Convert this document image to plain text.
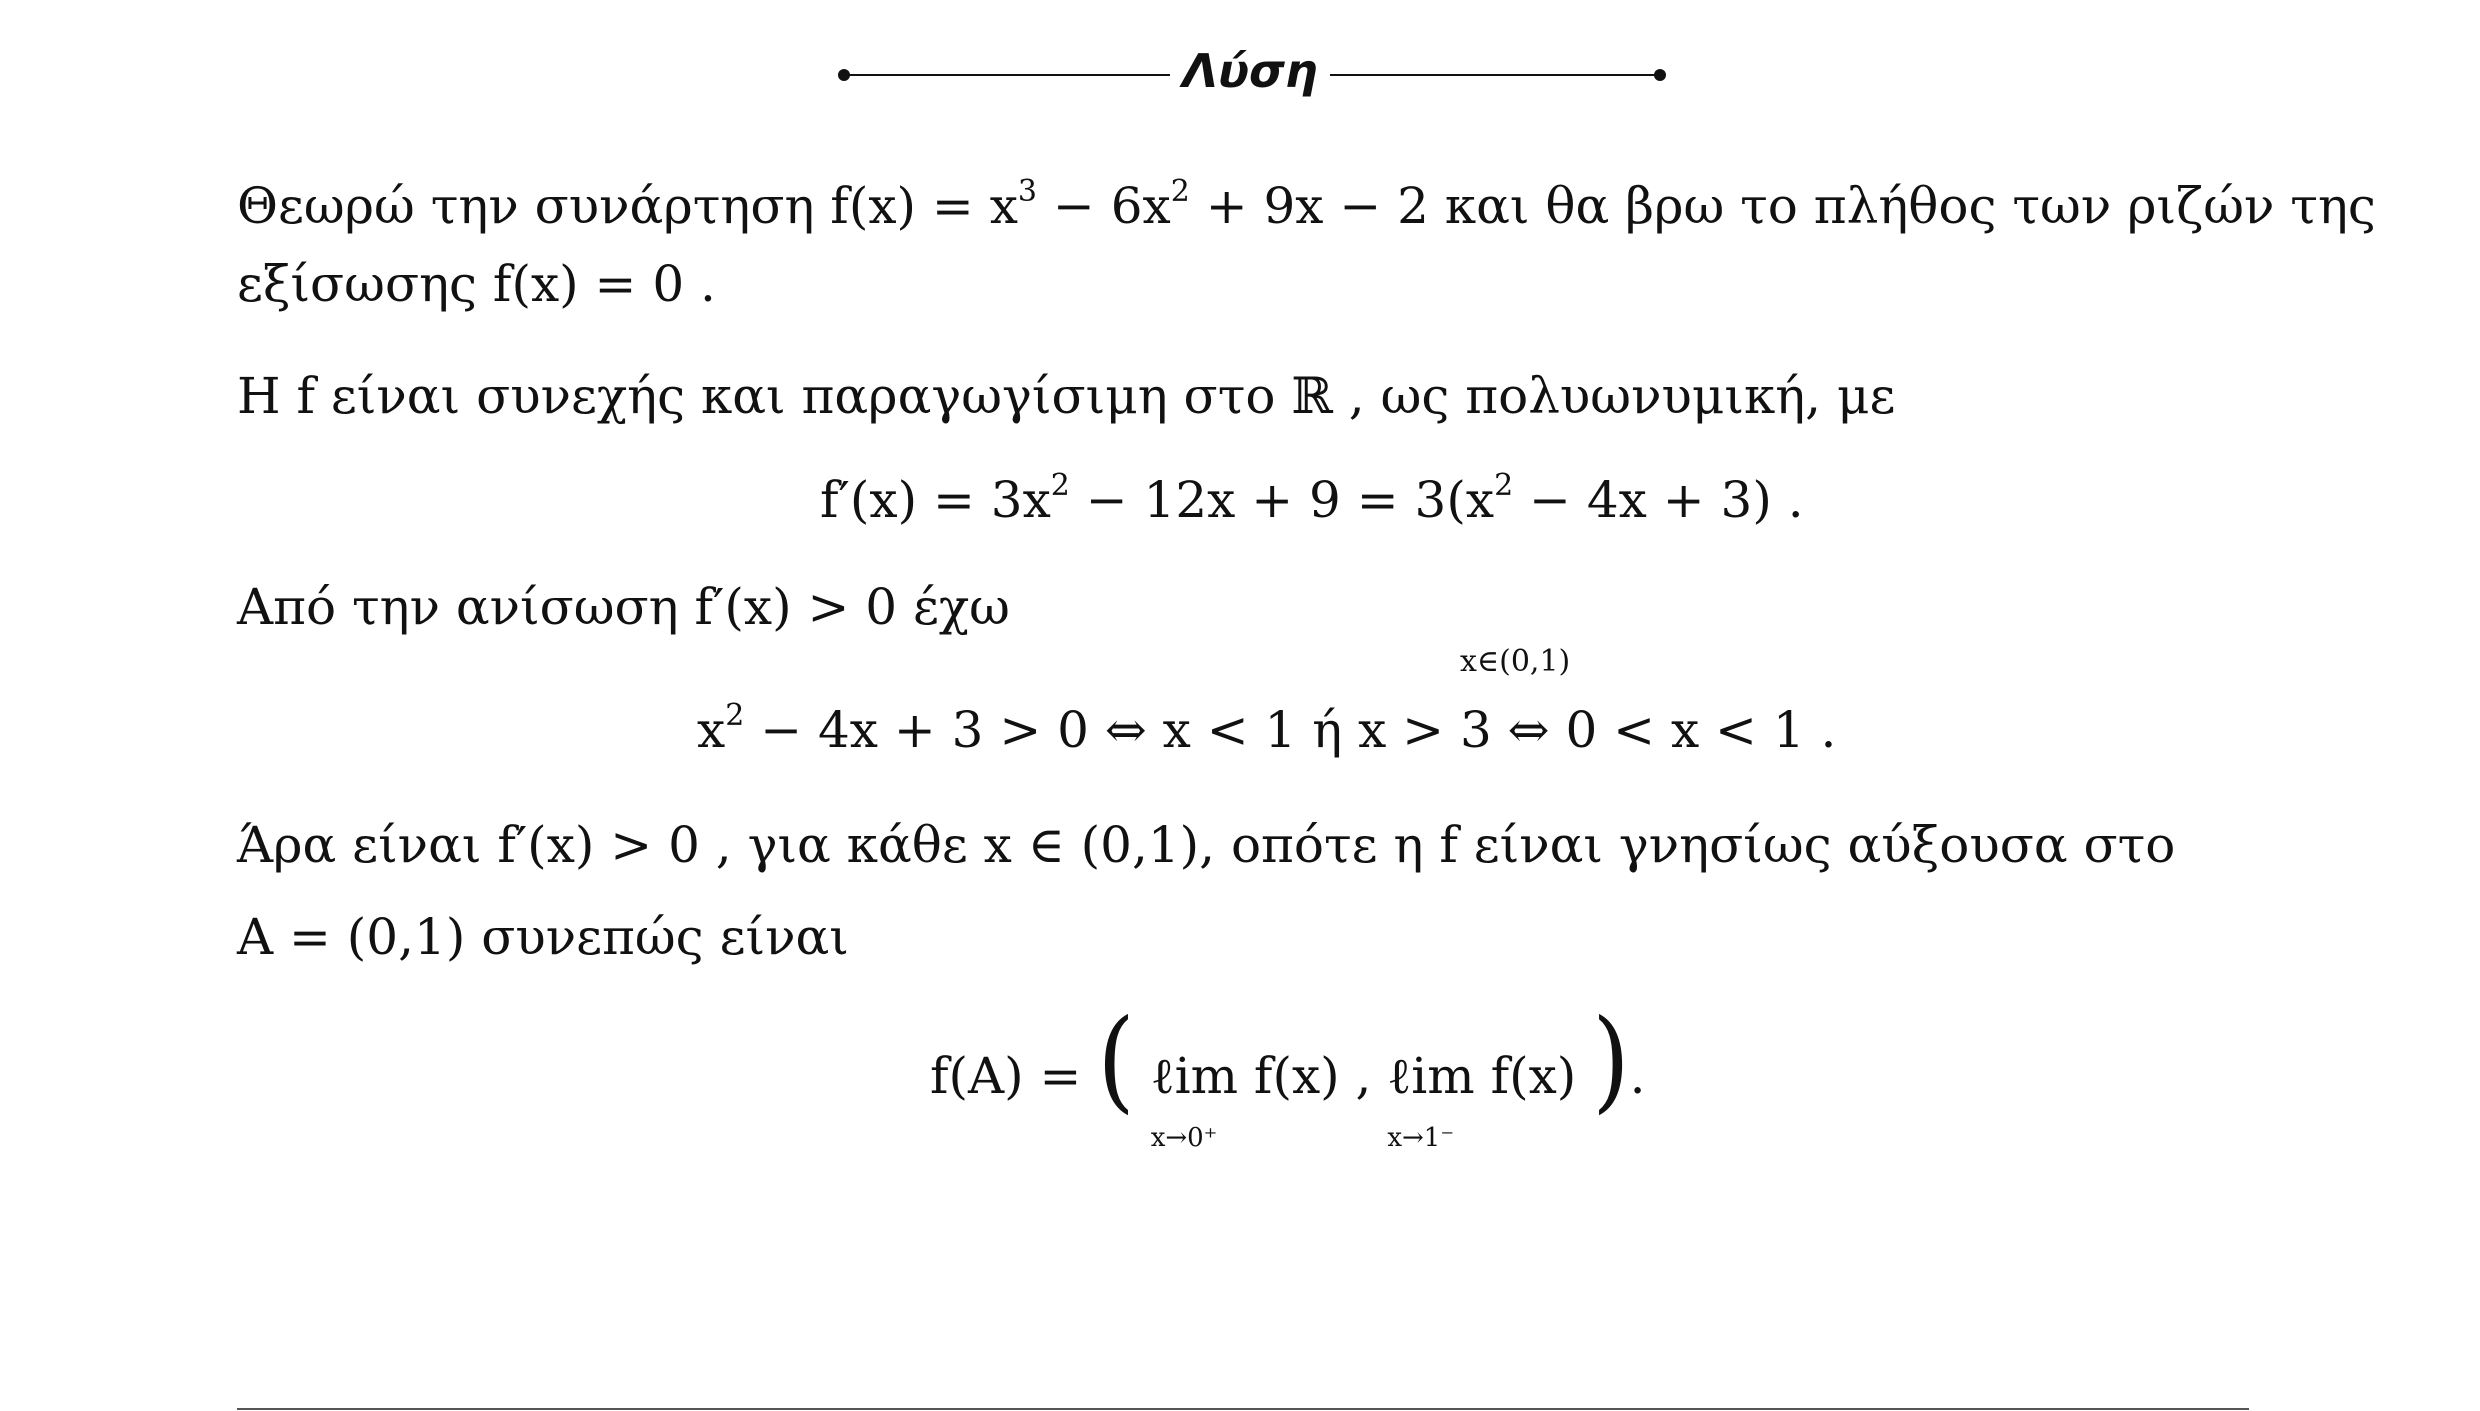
Λύση
Θεωρώ την συνάρτηση $f(x) = x^3 - 6x^2 + 9x - 2$ και θα βρω το πλήθος των ριζών της
εξίσωσης f(x) = 0 .
H f είναι συνεχής και παραγωγίσιμη στο ℝ , ως πολυωνυμική, με
$f'(x) = 3x^2 - 12x + 9 = 3(x^2 - 4x + 3)$ .
Από την ανίσωση f′(x) > 0 έχω
x∈(0,1)
$x^2 - 4x + 3 > 0$ ⇔ x < 1 ή x > 3 ⇔ 0 < x < 1 .
Άρα είναι f′(x) > 0 , για κάθε x ∈ (0,1), οπότε η f είναι γνησίως αύξουσα στο
A = (0,1) συνεπώς είναι
f(A) = ( ℓim f(x)
x→0⁺
, ℓim f(x)
x→1⁻
).
